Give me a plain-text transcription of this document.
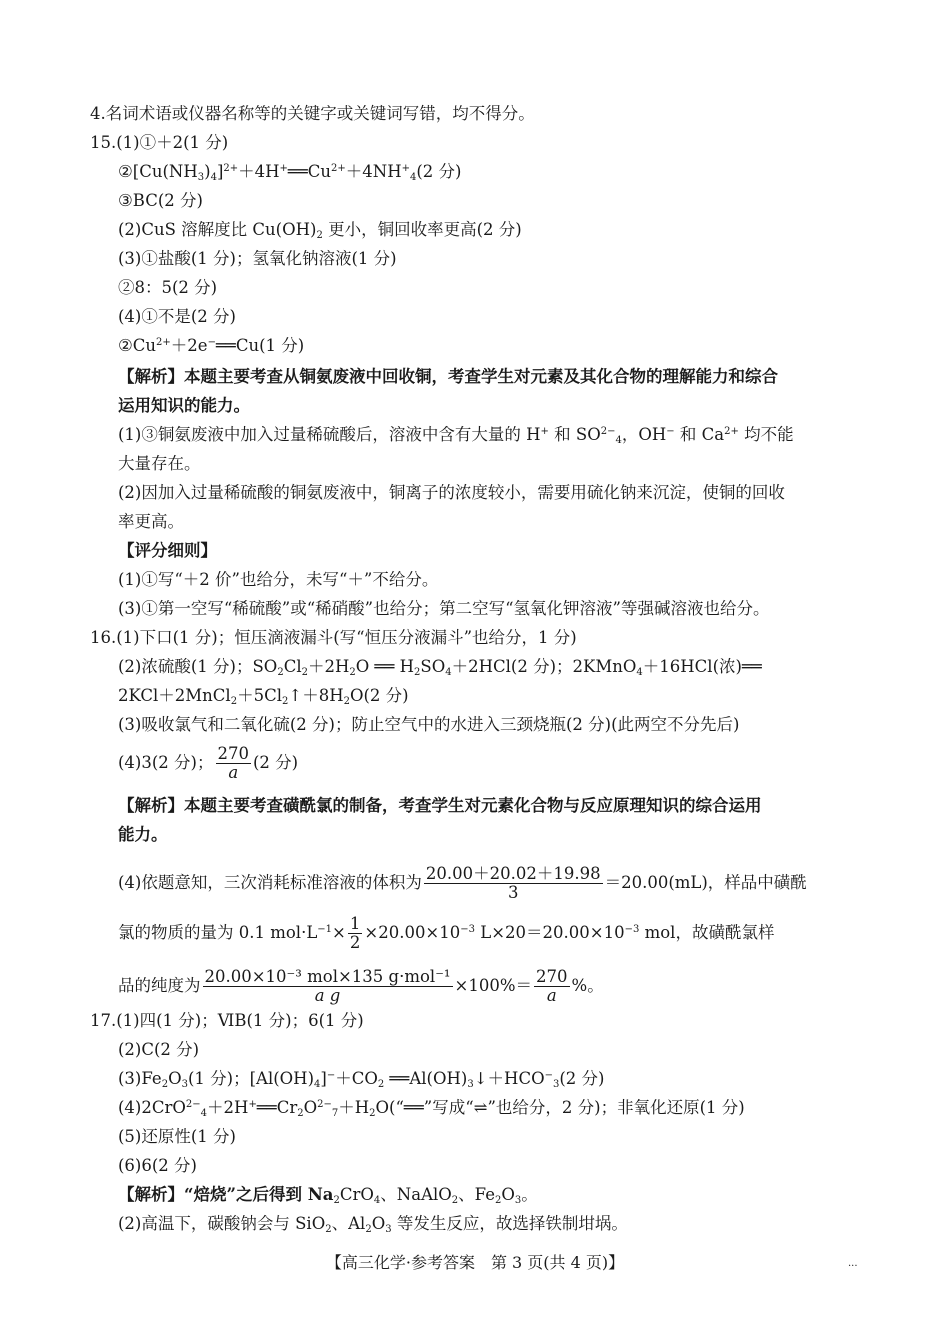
4.名词术语或仪器名称等的关键字或关键词写错，均不得分。
15.(1)①＋2(1 分)
$②[Cu(NH_3)_4]^{2+}+4H^+══Cu^{2+}+4NH^+_4(2$ 分)
③BC(2 分)
(2)CuS 溶解度比 $Cu(OH)_2$ 更小，铜回收率更高(2 分)
(3)①盐酸(1 分)；氢氧化钠溶液(1 分)
②8：5(2 分)
(4)①不是(2 分)
$②Cu^{2+}+2e^-══Cu(1$ 分)
【解析】本题主要考查从铜氨废液中回收铜，考查学生对元素及其化合物的理解能力和综合
运用知识的能力。
(1)③铜氨废液中加入过量稀硫酸后，溶液中含有大量的 H+ 和 $SO^{2-}_4$，OH− 和 $Ca^{2+}$ 均不能
大量存在。
(2)因加入过量稀硫酸的铜氨废液中，铜离子的浓度较小，需要用硫化钠来沉淀，使铜的回收
率更高。
【评分细则】
(1)①写“＋2 价”也给分，未写“＋”不给分。
(3)①第一空写“稀硫酸”或“稀硝酸”也给分；第二空写“氢氧化钾溶液”等强碱溶液也给分。
16.(1)下口(1 分)；恒压滴液漏斗(写“恒压分液漏斗”也给分，1 分)
(2)浓硫酸(1 分)；$SO_2Cl_2+2H_2O$ ══ $H_2SO_4+2HCl(2$ 分)；2KMnO$_4$＋16HCl(浓)══
$2KCl+2MnCl_2+5Cl_2↑+8H_2O(2$ 分)
(3)吸收氯气和二氧化硫(2 分)；防止空气中的水进入三颈烧瓶(2 分)(此两空不分先后)
(4)3(2 分)； $\frac{270}{a} (2$ 分)
【解析】本题主要考查磺酰氯的制备，考查学生对元素化合物与反应原理知识的综合运用
能力。
(4)依题意知，三次消耗标准溶液的体积为 $\frac{20.00+20.02+19.98}{3} =20.00(mL)$，样品中磺酰
氯的物质的量为 0.1 $mol\cdot L^{-1}\times \frac{1}{2} \times 20.00\times 10^{-3}$ $L\times 20=20.00\times 10^{-3}$ mol，故磺酰氯样
品的纯度为 $\frac{\text{20.00×10⁻³ mol×135 g·mol⁻¹}}{\text{a g}} \times 100\%= \frac{270}{a}$ %。
17.(1)四(1 分)；ⅥB(1 分)；6(1 分)
(2)C(2 分)
$(3)Fe_2O_3(1$ 分)；$[Al(OH)_4]^-+CO_2$ $══Al(OH)_3↓+HCO^-_3(2$ 分)
$(4)2CrO^{2-}_4+2H^+══Cr_2O^{2-}_7+H_2O(“══$”写成“⇌”也给分，2 分)；非氧化还原(1 分)
(5)还原性(1 分)
(6)6(2 分)
【解析】“焙烧”之后得到 $Na_2CrO_4$、NaAlO$_2$、$Fe_2O_3$。
(2)高温下，碳酸钠会与 SiO$_2$、$Al_2O_3$ 等发生反应，故选择铁制坩埚。
【高三化学·参考答案　第 3 页(共 4 页)】	...
